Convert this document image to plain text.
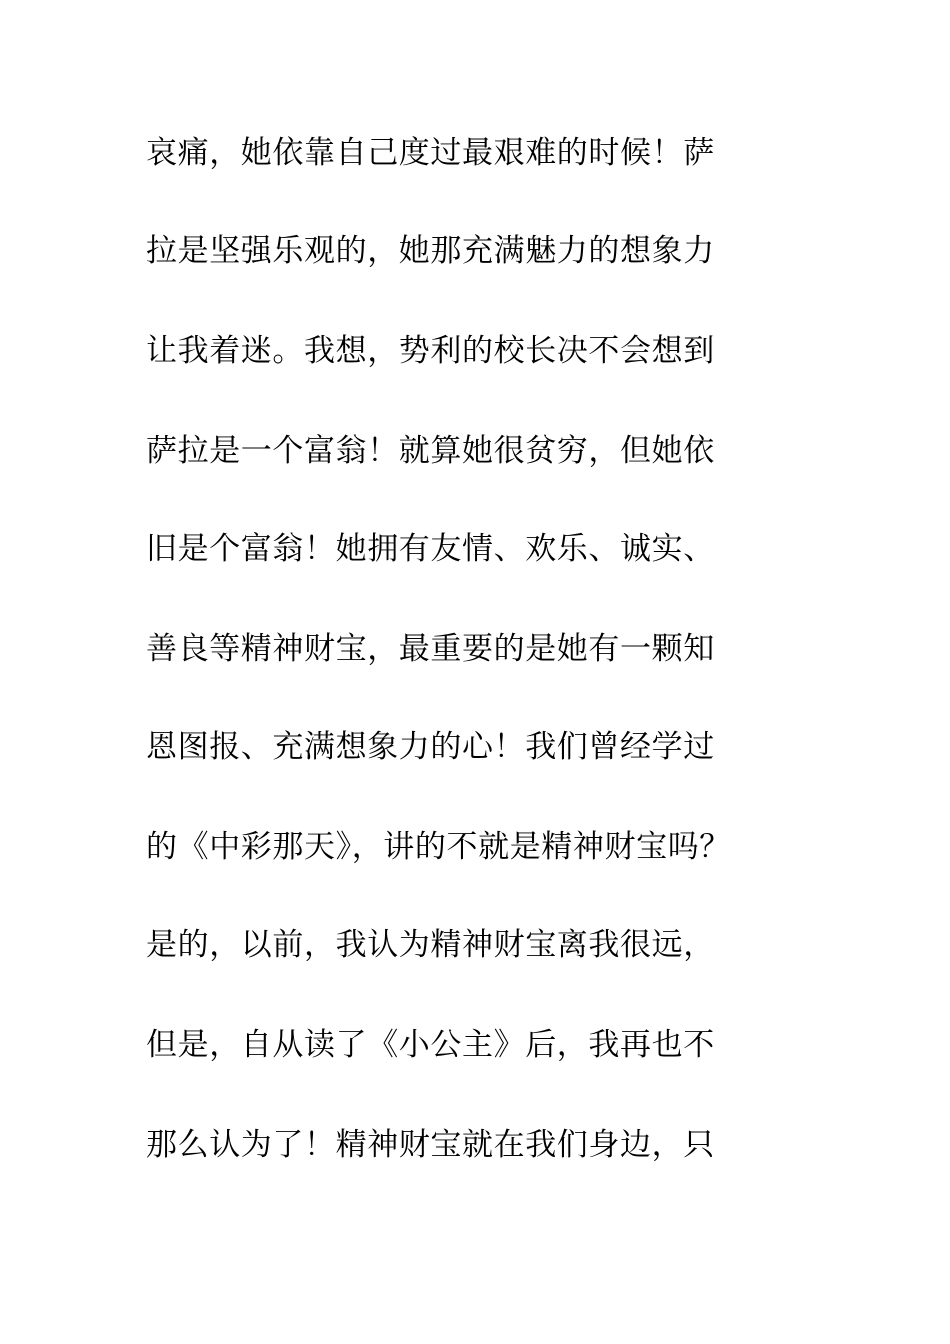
哀痛，她依靠自己度过最艰难的时候！萨

拉是坚强乐观的，她那充满魅力的想象力

让我着迷。我想，势利的校长决不会想到

萨拉是一个富翁！就算她很贫穷，但她依

旧是个富翁！她拥有友情、欢乐、诚实、

善良等精神财宝，最重要的是她有一颗知

恩图报、充满想象力的心！我们曾经学过

的《中彩那天》，讲的不就是精神财宝吗？

是的，以前，我认为精神财宝离我很远，

但是，自从读了《小公主》后，我再也不

那么认为了！精神财宝就在我们身边，只
